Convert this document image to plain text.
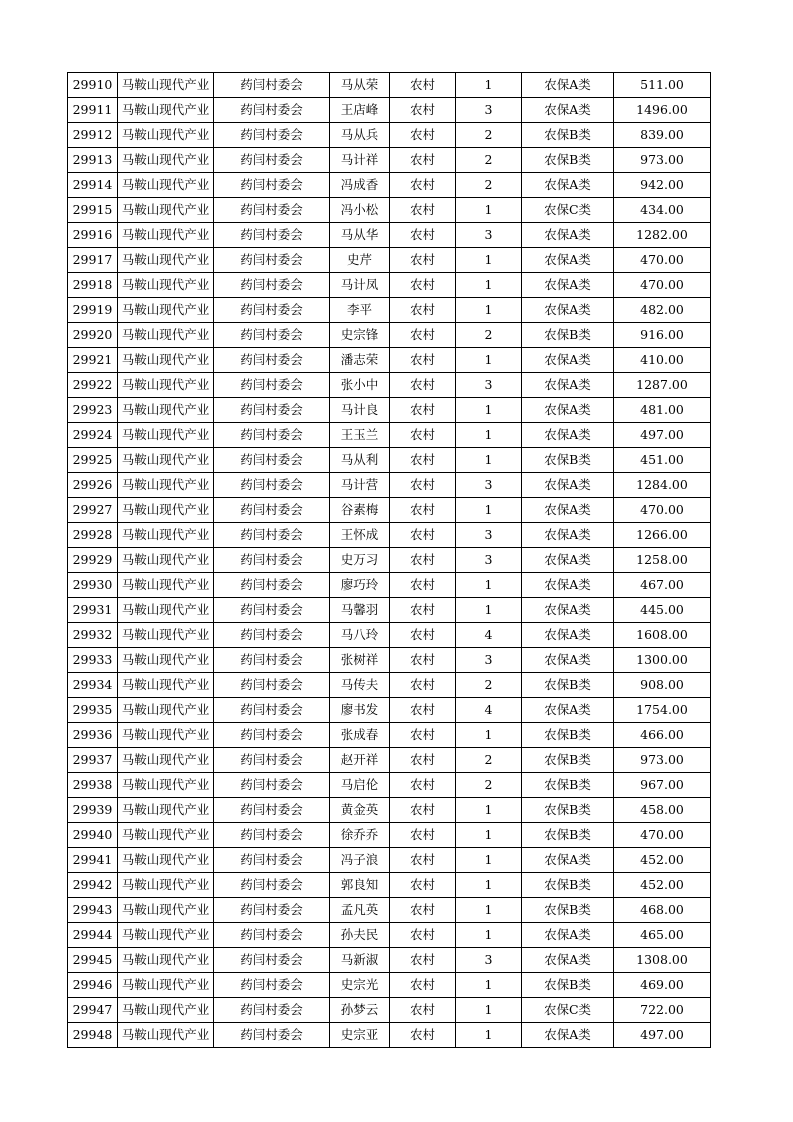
29910	马鞍山现代产业	药闫村委会	马从荣	农村	1	农保A类	511.00
29911	马鞍山现代产业	药闫村委会	王店峰	农村	3	农保A类	1496.00
29912	马鞍山现代产业	药闫村委会	马从兵	农村	2	农保B类	839.00
29913	马鞍山现代产业	药闫村委会	马计祥	农村	2	农保B类	973.00
29914	马鞍山现代产业	药闫村委会	冯成香	农村	2	农保A类	942.00
29915	马鞍山现代产业	药闫村委会	冯小松	农村	1	农保C类	434.00
29916	马鞍山现代产业	药闫村委会	马从华	农村	3	农保A类	1282.00
29917	马鞍山现代产业	药闫村委会	史芹	农村	1	农保A类	470.00
29918	马鞍山现代产业	药闫村委会	马计凤	农村	1	农保A类	470.00
29919	马鞍山现代产业	药闫村委会	李平	农村	1	农保A类	482.00
29920	马鞍山现代产业	药闫村委会	史宗锋	农村	2	农保B类	916.00
29921	马鞍山现代产业	药闫村委会	潘志荣	农村	1	农保A类	410.00
29922	马鞍山现代产业	药闫村委会	张小中	农村	3	农保A类	1287.00
29923	马鞍山现代产业	药闫村委会	马计良	农村	1	农保A类	481.00
29924	马鞍山现代产业	药闫村委会	王玉兰	农村	1	农保A类	497.00
29925	马鞍山现代产业	药闫村委会	马从利	农村	1	农保B类	451.00
29926	马鞍山现代产业	药闫村委会	马计营	农村	3	农保A类	1284.00
29927	马鞍山现代产业	药闫村委会	谷素梅	农村	1	农保A类	470.00
29928	马鞍山现代产业	药闫村委会	王怀成	农村	3	农保A类	1266.00
29929	马鞍山现代产业	药闫村委会	史万习	农村	3	农保A类	1258.00
29930	马鞍山现代产业	药闫村委会	廖巧玲	农村	1	农保A类	467.00
29931	马鞍山现代产业	药闫村委会	马馨羽	农村	1	农保A类	445.00
29932	马鞍山现代产业	药闫村委会	马八玲	农村	4	农保A类	1608.00
29933	马鞍山现代产业	药闫村委会	张树祥	农村	3	农保A类	1300.00
29934	马鞍山现代产业	药闫村委会	马传夫	农村	2	农保B类	908.00
29935	马鞍山现代产业	药闫村委会	廖书发	农村	4	农保A类	1754.00
29936	马鞍山现代产业	药闫村委会	张成春	农村	1	农保B类	466.00
29937	马鞍山现代产业	药闫村委会	赵开祥	农村	2	农保B类	973.00
29938	马鞍山现代产业	药闫村委会	马启伦	农村	2	农保B类	967.00
29939	马鞍山现代产业	药闫村委会	黄金英	农村	1	农保B类	458.00
29940	马鞍山现代产业	药闫村委会	徐乔乔	农村	1	农保B类	470.00
29941	马鞍山现代产业	药闫村委会	冯子浪	农村	1	农保A类	452.00
29942	马鞍山现代产业	药闫村委会	郭良知	农村	1	农保B类	452.00
29943	马鞍山现代产业	药闫村委会	孟凡英	农村	1	农保B类	468.00
29944	马鞍山现代产业	药闫村委会	孙夫民	农村	1	农保A类	465.00
29945	马鞍山现代产业	药闫村委会	马新淑	农村	3	农保A类	1308.00
29946	马鞍山现代产业	药闫村委会	史宗光	农村	1	农保B类	469.00
29947	马鞍山现代产业	药闫村委会	孙梦云	农村	1	农保C类	722.00
29948	马鞍山现代产业	药闫村委会	史宗亚	农村	1	农保A类	497.00
